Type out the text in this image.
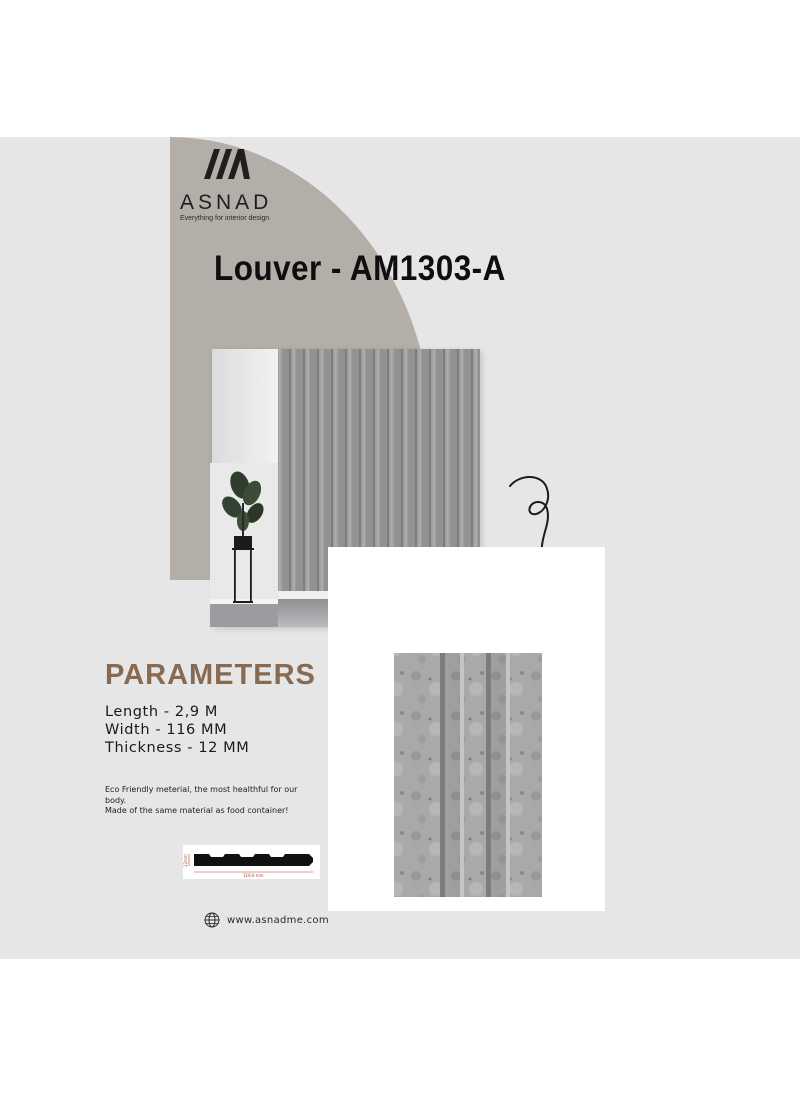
ASNAD
Everything for interior design
Louver - AM1303-A
PARAMETERS
Length - 2,9 M
Width - 116 MM
Thickness - 12 MM

Eco Friendly meterial, the most healthful for our body.

Made of the same material as food container!

12mm
116.0 mm
www.asnadme.com
